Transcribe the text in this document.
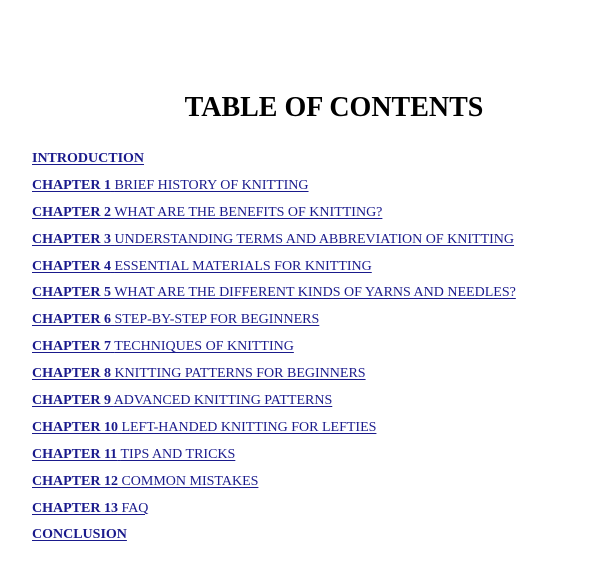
TABLE OF CONTENTS
INTRODUCTION
CHAPTER 1 BRIEF HISTORY OF KNITTING
CHAPTER 2 WHAT ARE THE BENEFITS OF KNITTING?
CHAPTER 3 UNDERSTANDING TERMS AND ABBREVIATION OF KNITTING
CHAPTER 4 ESSENTIAL MATERIALS FOR KNITTING
CHAPTER 5 WHAT ARE THE DIFFERENT KINDS OF YARNS AND NEEDLES?
CHAPTER 6 STEP-BY-STEP FOR BEGINNERS
CHAPTER 7 TECHNIQUES OF KNITTING
CHAPTER 8 KNITTING PATTERNS FOR BEGINNERS
CHAPTER 9 ADVANCED KNITTING PATTERNS
CHAPTER 10 LEFT-HANDED KNITTING FOR LEFTIES
CHAPTER 11 TIPS AND TRICKS
CHAPTER 12 COMMON MISTAKES
CHAPTER 13 FAQ
CONCLUSION
